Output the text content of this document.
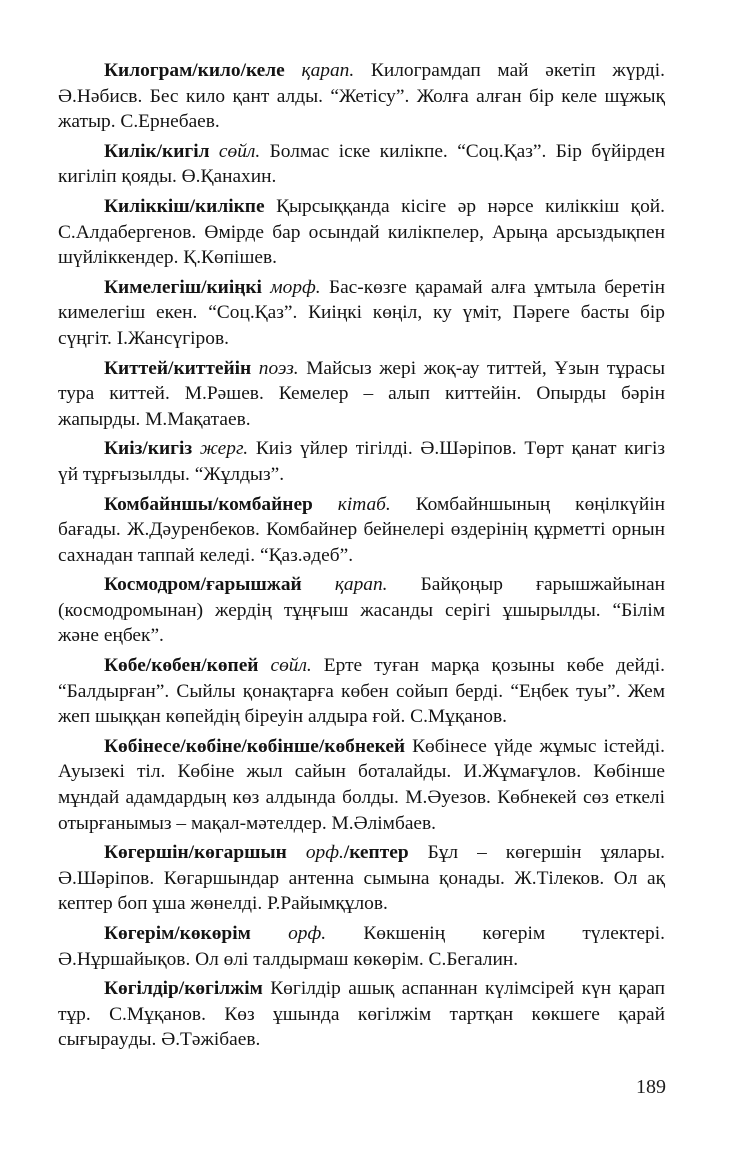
Килограм/кило/келе қарап. Килограмдап май әкетіп жүрді. Ә.Нәбисв. Бес кило қант алды. “Жетісу”. Жолға алған бір келе шұжық жатыр. С.Ернебаев.

Килік/кигіл сөйл. Болмас іске килікпе. “Соц.Қаз”. Бір бүйірден кигіліп қояды. Ө.Қанахин.

Киліккіш/килікпе Қырсыққанда кісіге әр нәрсе киліккіш қой. С.Алдабергенов. Өмірде бар осындай килікпелер, Арыңа арсыздықпен шүйліккендер. Қ.Көпішев.

Кимелегіш/киіңкі морф. Бас-көзге қарамай алға ұмтыла беретін кимелегіш екен. “Соц.Қаз”. Киіңкі көңіл, ку үміт, Пәреге басты бір сүңгіт. І.Жансүгіров.

Киттей/киттейін поэз. Майсыз жері жоқ-ау титтей, Ұзын тұрасы тура киттей. М.Рәшев. Кемелер – алып киттейін. Опырды бәрін жапырды. М.Мақатаев.

Киіз/кигіз жерг. Киіз үйлер тігілді. Ә.Шәріпов. Төрт қанат кигіз үй тұрғызылды. “Жұлдыз”.

Комбайншы/комбайнер кітаб. Комбайншының көңілкүйін бағады. Ж.Дәуренбеков. Комбайнер бейнелері өздерінің құрметті орнын сахнадан таппай келеді. “Қаз.әдеб”.

Космодром/ғарышжай қарап. Байқоңыр ғарышжайынан (космодромынан) жердің тұңғыш жасанды серігі ұшырылды. “Білім және еңбек”.

Көбе/көбен/көпей сөйл. Ерте туған марқа қозыны көбе дейді. “Балдырған”. Сыйлы қонақтарға көбен сойып берді. “Еңбек туы”. Жем жеп шыққан көпейдің біреуін алдыра ғой. С.Мұқанов.

Көбінесе/көбіне/көбінше/көбнекей Көбінесе үйде жұмыс істейді. Ауызекі тіл. Көбіне жыл сайын боталайды. И.Жұмағұлов. Көбінше мұндай адамдардың көз алдында болды. М.Әуезов. Көбнекей сөз еткелі отырғанымыз – мақал-мәтелдер. М.Әлімбаев.

Көгершін/көгаршын орф./кептер Бұл – көгершін ұялары. Ә.Шәріпов. Көгаршындар антенна сымына қонады. Ж.Тілеков. Ол ақ кептер боп ұша жөнелді. Р.Райымқұлов.

Көгерім/көкөрім орф. Көкшенің көгерім түлектері. Ә.Нұршайықов. Ол өлі талдырмаш көкөрім. С.Бегалин.

Көгілдір/көгілжім Көгілдір ашық аспаннан күлімсірей күн қарап тұр. С.Мұқанов. Көз ұшында көгілжім тартқан көкшеге қарай сығырayды. Ә.Тәжібаев.

189
